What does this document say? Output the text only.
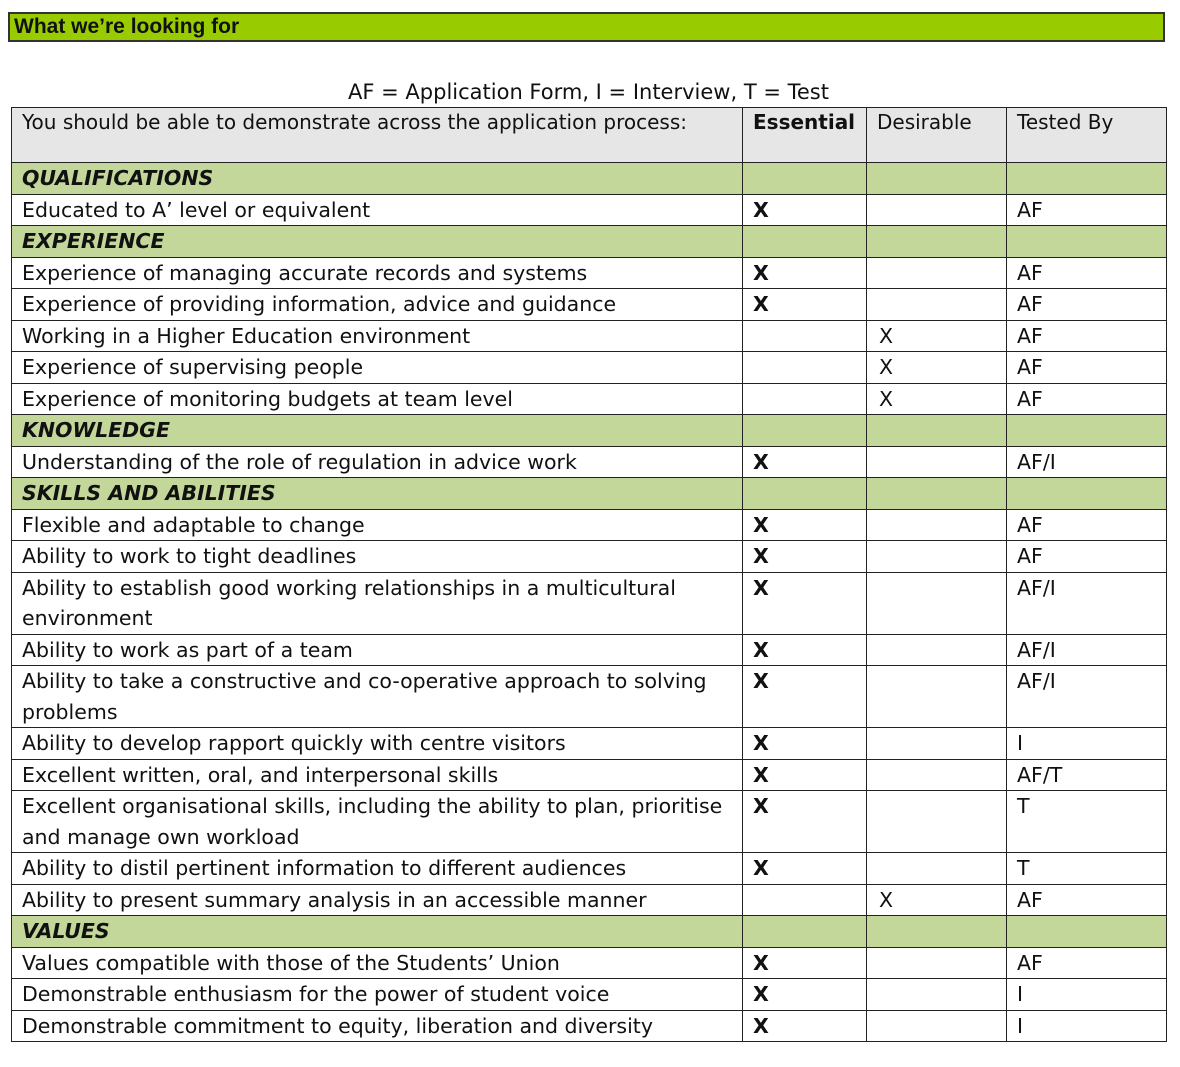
What we’re looking for
AF = Application Form, I = Interview, T = Test
You should be able to demonstrate across the application process:	Essential	Desirable	Tested By
QUALIFICATIONS			
Educated to A’ level or equivalent	X		AF
EXPERIENCE			
Experience of managing accurate records and systems	X		AF
Experience of providing information, advice and guidance	X		AF
Working in a Higher Education environment		X	AF
Experience of supervising people		X	AF
Experience of monitoring budgets at team level		X	AF
KNOWLEDGE			
Understanding of the role of regulation in advice work	X		AF/I
SKILLS AND ABILITIES			
Flexible and adaptable to change	X		AF
Ability to work to tight deadlines	X		AF
Ability to establish good working relationships in a multicultural environment	X		AF/I
Ability to work as part of a team	X		AF/I
Ability to take a constructive and co-operative approach to solving problems	X		AF/I
Ability to develop rapport quickly with centre visitors	X		I
Excellent written, oral, and interpersonal skills	X		AF/T
Excellent organisational skills, including the ability to plan, prioritise and manage own workload	X		T
Ability to distil pertinent information to different audiences	X		T
Ability to present summary analysis in an accessible manner		X	AF
VALUES			
Values compatible with those of the Students’ Union	X		AF
Demonstrable enthusiasm for the power of student voice	X		I
Demonstrable commitment to equity, liberation and diversity	X		I
